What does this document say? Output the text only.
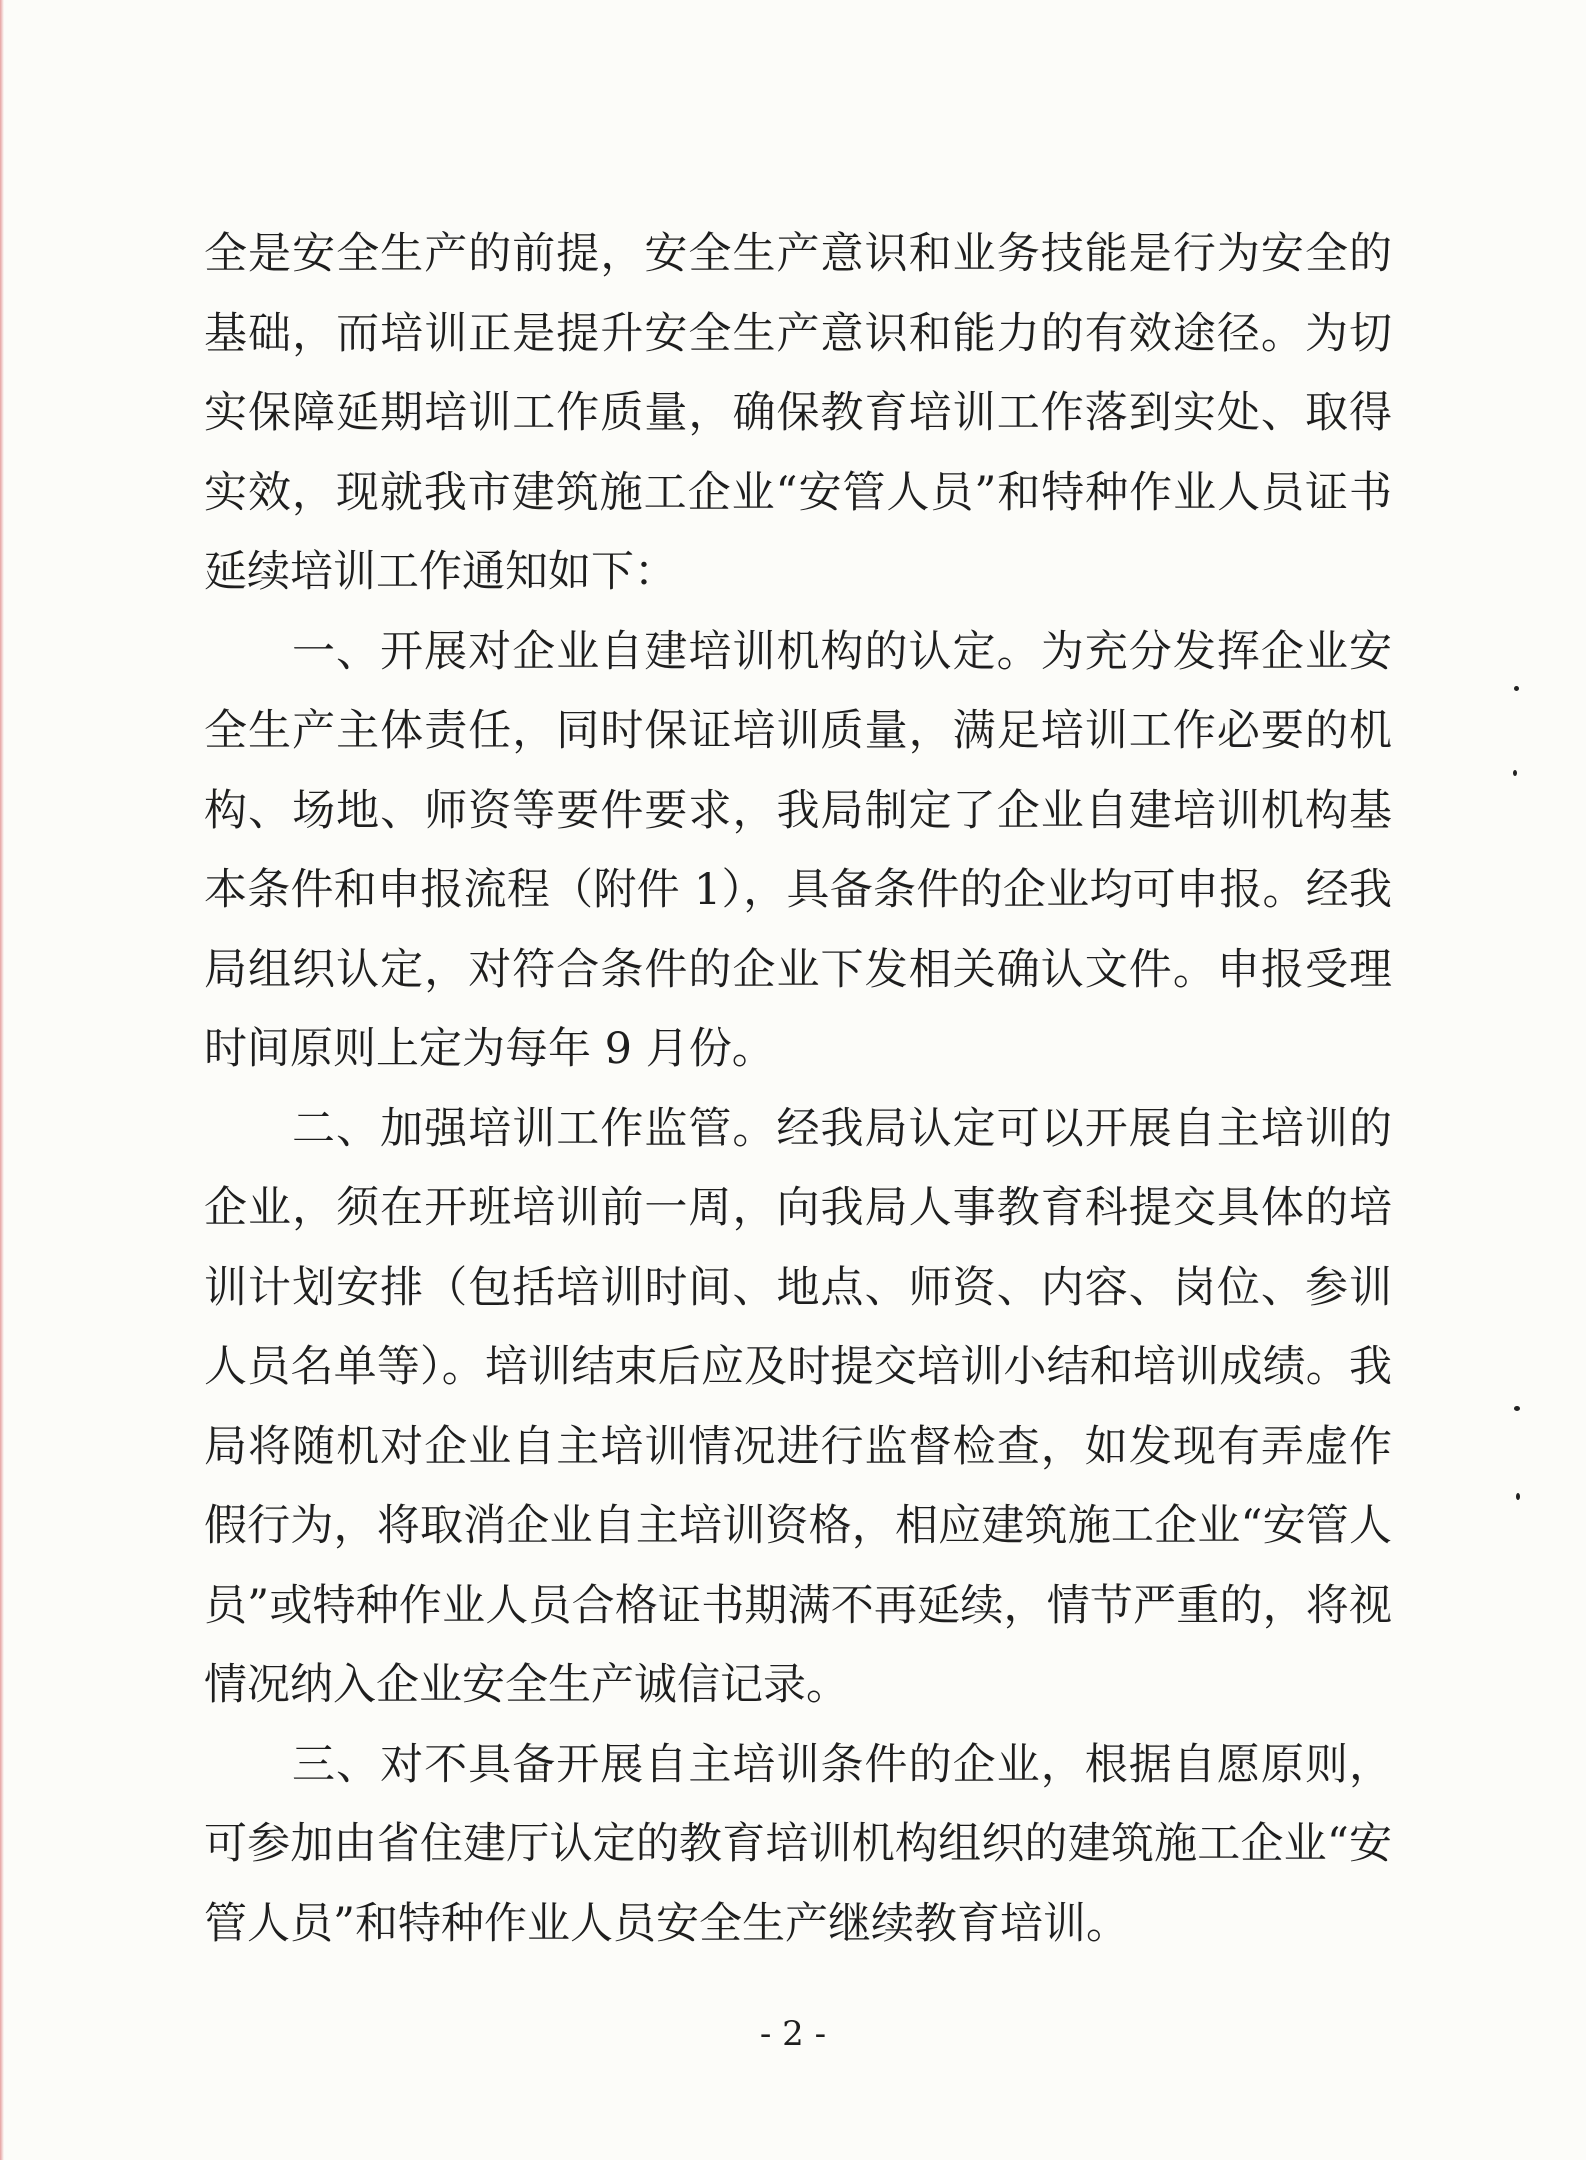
全是安全生产的前提，安全生产意识和业务技能是行为安全的基础，而培训正是提升安全生产意识和能力的有效途径。为切实保障延期培训工作质量，确保教育培训工作落到实处、取得实效，现就我市建筑施工企业“安管人员”和特种作业人员证书延续培训工作通知如下：

一、开展对企业自建培训机构的认定。为充分发挥企业安全生产主体责任，同时保证培训质量，满足培训工作必要的机构、场地、师资等要件要求，我局制定了企业自建培训机构基本条件和申报流程（附件 1），具备条件的企业均可申报。经我局组织认定，对符合条件的企业下发相关确认文件。申报受理时间原则上定为每年 9 月份。

二、加强培训工作监管。经我局认定可以开展自主培训的企业，须在开班培训前一周，向我局人事教育科提交具体的培训计划安排（包括培训时间、地点、师资、内容、岗位、参训人员名单等）。培训结束后应及时提交培训小结和培训成绩。我局将随机对企业自主培训情况进行监督检查，如发现有弄虚作假行为，将取消企业自主培训资格，相应建筑施工企业“安管人员”或特种作业人员合格证书期满不再延续，情节严重的，将视情况纳入企业安全生产诚信记录。

三、对不具备开展自主培训条件的企业，根据自愿原则，可参加由省住建厅认定的教育培训机构组织的建筑施工企业“安管人员”和特种作业人员安全生产继续教育培训。

- 2 -
